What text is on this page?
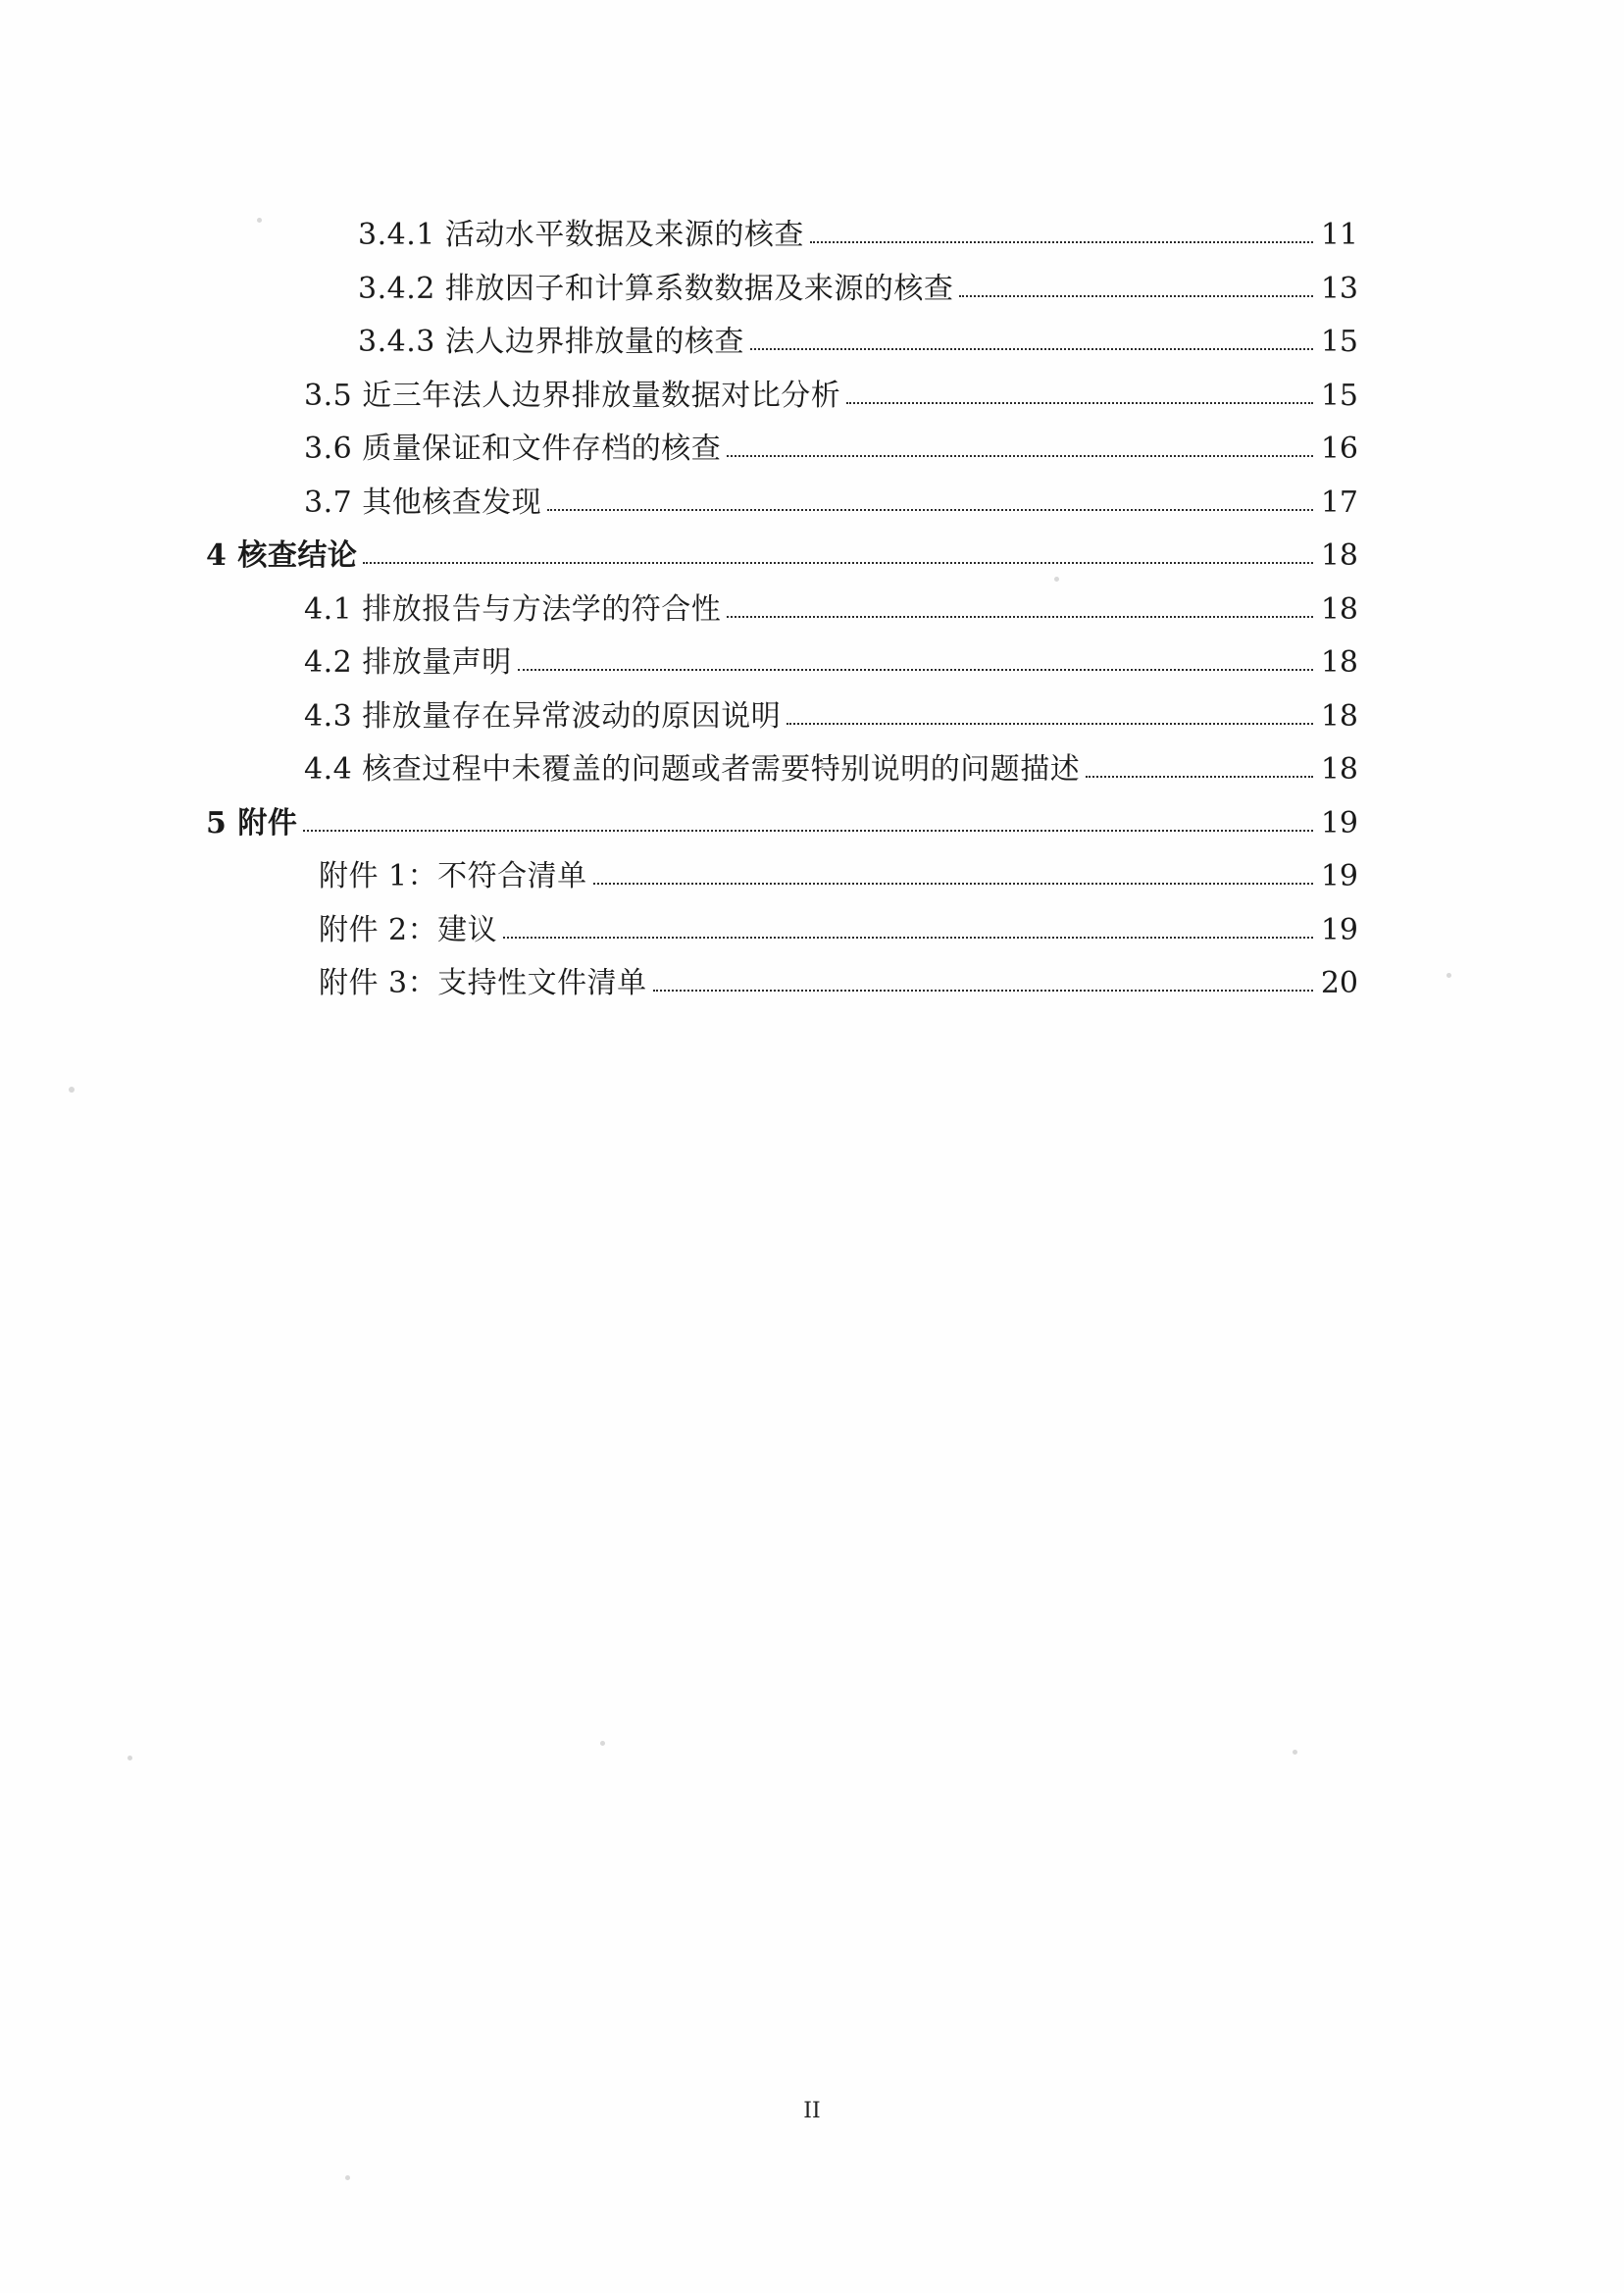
3.4.1 活动水平数据及来源的核查	11
3.4.2 排放因子和计算系数数据及来源的核查	13
3.4.3 法人边界排放量的核查	15
3.5 近三年法人边界排放量数据对比分析	15
3.6 质量保证和文件存档的核查	16
3.7 其他核查发现	17
4 核查结论	18
4.1 排放报告与方法学的符合性	18
4.2 排放量声明	18
4.3 排放量存在异常波动的原因说明	18
4.4 核查过程中未覆盖的问题或者需要特别说明的问题描述	18
5 附件	19
附件 1：不符合清单	19
附件 2：建议	19
附件 3：支持性文件清单	20
II
